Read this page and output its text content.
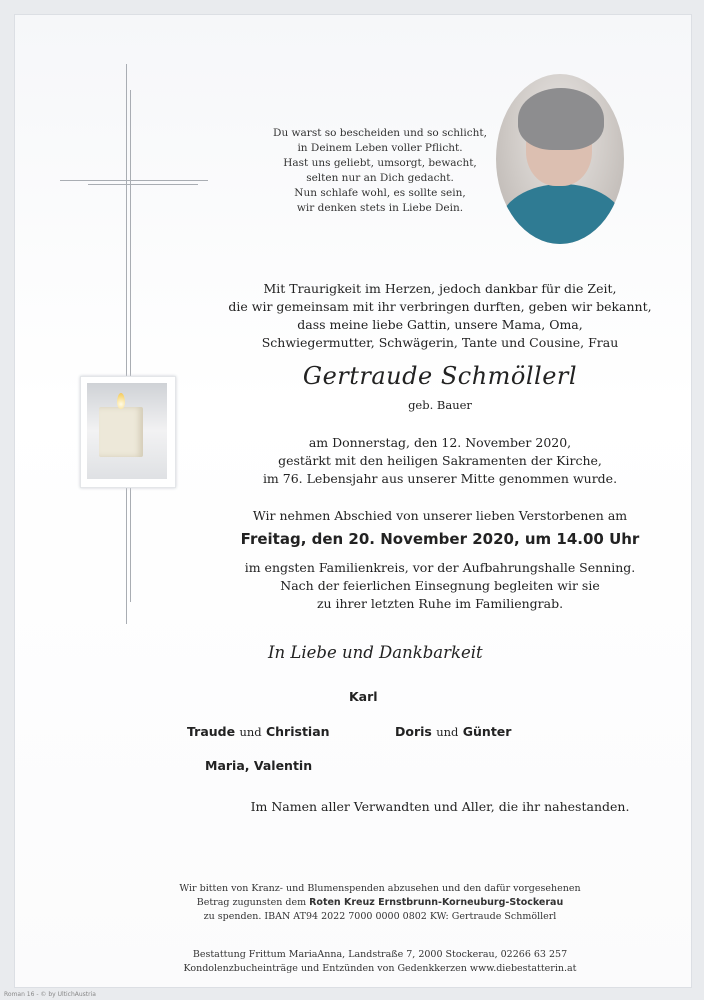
Du warst so bescheiden und so schlicht,
in Deinem Leben voller Pflicht.
Hast uns geliebt, umsorgt, bewacht,
selten nur an Dich gedacht.
Nun schlafe wohl, es sollte sein,
wir denken stets in Liebe Dein.
Mit Traurigkeit im Herzen, jedoch dankbar für die Zeit,
die wir gemeinsam mit ihr verbringen durften, geben wir bekannt,
dass meine liebe Gattin, unsere Mama, Oma,
Schwiegermutter, Schwägerin, Tante und Cousine, Frau
Gertraude Schmöllerl
geb. Bauer
am Donnerstag, den 12. November 2020,
gestärkt mit den heiligen Sakramenten der Kirche,
im 76. Lebensjahr aus unserer Mitte genommen wurde.
Wir nehmen Abschied von unserer lieben Verstorbenen am
Freitag, den 20. November 2020, um 14.00 Uhr
im engsten Familienkreis, vor der Aufbahrungshalle Senning.
Nach der feierlichen Einsegnung begleiten wir sie
zu ihrer letzten Ruhe im Familiengrab.
In Liebe und Dankbarkeit
Karl
Traude und Christian	Doris und Günter
Maria, Valentin
Im Namen aller Verwandten und Aller, die ihr nahestanden.
Wir bitten von Kranz- und Blumenspenden abzusehen und den dafür vorgesehenen
Betrag zugunsten dem Roten Kreuz Ernstbrunn-Korneuburg-Stockerau
zu spenden. IBAN AT94 2022 7000 0000 0802 KW: Gertraude Schmöllerl
Bestattung Frittum MariaAnna, Landstraße 7, 2000 Stockerau, 02266 63 257
Kondolenzbucheinträge und Entzünden von Gedenkkerzen www.diebestatterin.at
Roman 16 - © by UltichAustria
